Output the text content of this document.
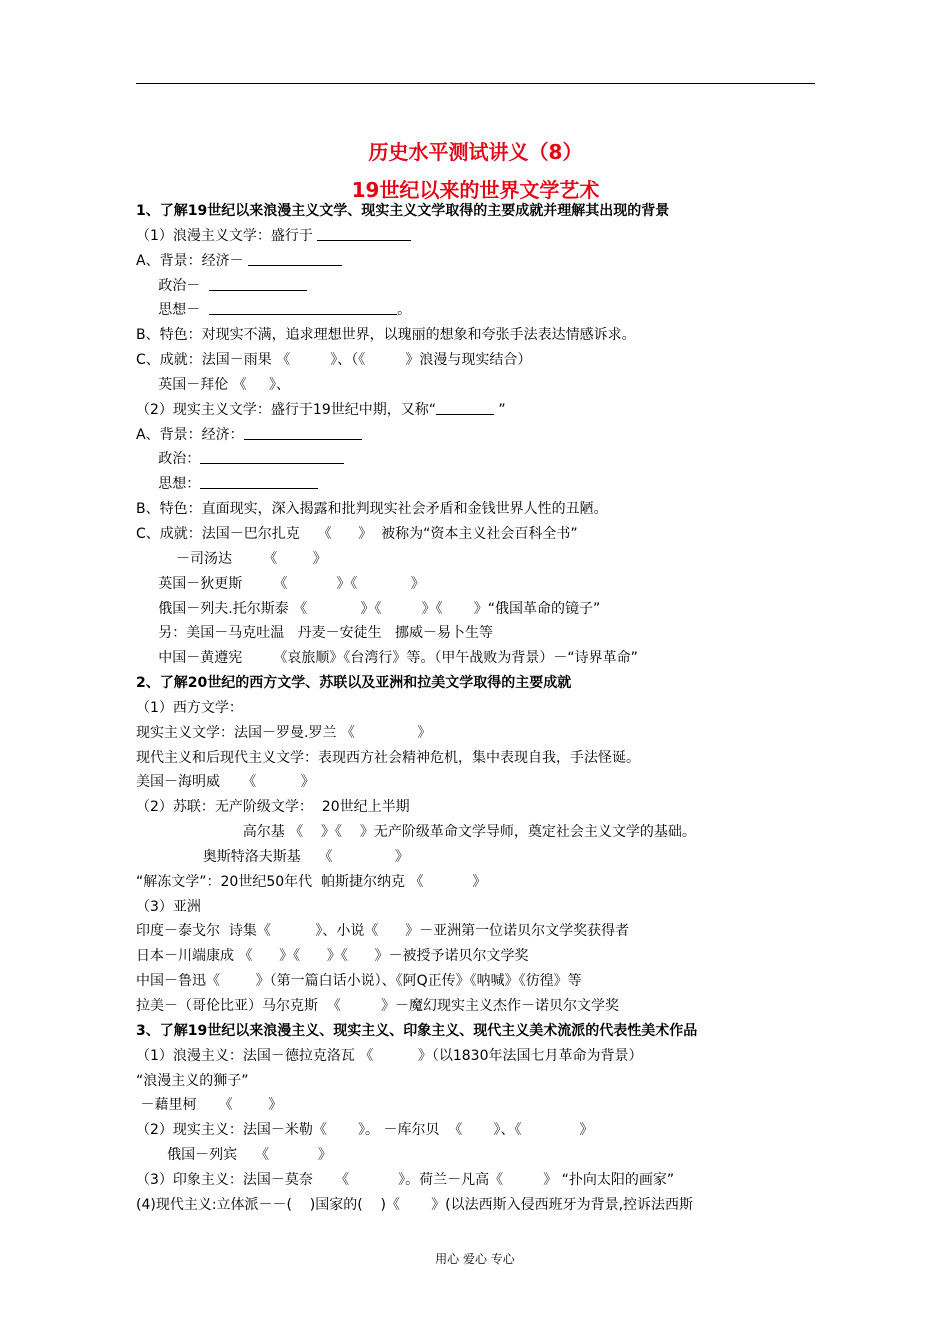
历史水平测试讲义（8）
19世纪以来的世界文学艺术
1、了解19世纪以来浪漫主义文学、现实主义文学取得的主要成就并理解其出现的背景
（1）浪漫主义文学：盛行于
A、背景：经济－
政治－
思想－	。
B、特色：对现实不满，追求理想世界，以瑰丽的想象和夸张手法表达情感诉求。
C、成就：法国－雨果 《         》、（《         》浪漫与现实结合）
英国－拜伦 《     》、
（2）现实主义文学：盛行于19世纪中期，又称“	”
A、背景：经济：
政治：
思想：
B、特色：直面现实，深入揭露和批判现实社会矛盾和金钱世界人性的丑陋。
C、成就：法国－巴尔扎克    《      》  被称为“资本主义社会百科全书”
－司汤达       《        》
英国－狄更斯       《           》《            》
俄国－列夫.托尔斯泰 《            》《         》《       》“俄国革命的镜子”
另：美国－马克吐温   丹麦－安徒生   挪威－易卜生等
中国－黄遵宪       《哀旅顺》《台湾行》等。（甲午战败为背景）－“诗界革命”
2、了解20世纪的西方文学、苏联以及亚洲和拉美文学取得的主要成就
（1）西方文学：
现实主义文学：法国－罗曼.罗兰 《              》
现代主义和后现代主义文学：表现西方社会精神危机，集中表现自我，手法怪诞。
美国－海明威     《          》
（2）苏联：无产阶级文学：  20世纪上半期
高尔基 《    》《    》无产阶级革命文学导师，奠定社会主义文学的基础。
奥斯特洛夫斯基    《              》
“解冻文学”：20世纪50年代  帕斯捷尔纳克 《           》
（3）亚洲
印度－泰戈尔  诗集《          》、小说《      》－亚洲第一位诺贝尔文学奖获得者
日本－川端康成 《      》《      》《      》－被授予诺贝尔文学奖
中国－鲁迅《        》（第一篇白话小说）、《阿Q正传》《呐喊》《彷徨》等
拉美－（哥伦比亚）马尔克斯  《         》－魔幻现实主义杰作－诺贝尔文学奖
3、了解19世纪以来浪漫主义、现实主义、印象主义、现代主义美术流派的代表性美术作品
（1）浪漫主义：法国－德拉克洛瓦 《          》（以1830年法国七月革命为背景）
“浪漫主义的狮子”
－藉里柯     《        》
（2）现实主义：法国－米勒《       》。 －库尔贝  《       》、《             》
俄国－列宾    《           》
（3）印象主义：法国－莫奈     《           》。荷兰－凡高《         》 “扑向太阳的画家”
(4)现代主义:立体派－－(    )国家的(    )《       》(以法西斯入侵西班牙为背景,控诉法西斯
用心 爱心 专心
